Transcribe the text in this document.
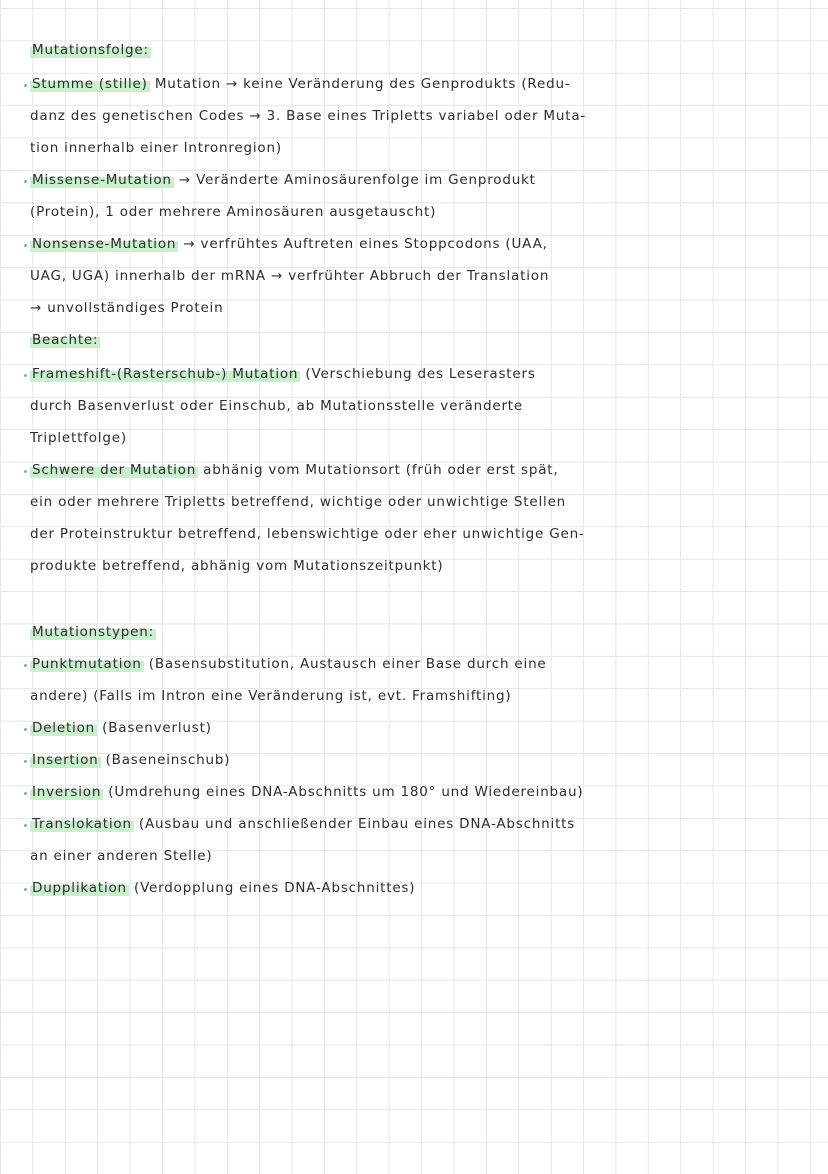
Mutationsfolge:
Stumme (stille) Mutation → keine Veränderung des Genprodukts (Redu-
danz des genetischen Codes → 3. Base eines Tripletts variabel oder Muta-
tion innerhalb einer Intronregion)
Missense-Mutation → Veränderte Aminosäurenfolge im Genprodukt
(Protein), 1 oder mehrere Aminosäuren ausgetauscht)
Nonsense-Mutation → verfrühtes Auftreten eines Stoppcodons (UAA,
UAG, UGA) innerhalb der mRNA → verfrühter Abbruch der Translation
→ unvollständiges Protein
Beachte:
Frameshift-(Rasterschub-) Mutation (Verschiebung des Leserasters
durch Basenverlust oder Einschub, ab Mutationsstelle veränderte
Triplettfolge)
Schwere der Mutation abhänig vom Mutationsort (früh oder erst spät,
ein oder mehrere Tripletts betreffend, wichtige oder unwichtige Stellen
der Proteinstruktur betreffend, lebenswichtige oder eher unwichtige Gen-
produkte betreffend, abhänig vom Mutationszeitpunkt)
Mutationstypen:
Punktmutation (Basensubstitution, Austausch einer Base durch eine
andere) (Falls im Intron eine Veränderung ist, evt. Framshifting)
Deletion (Basenverlust)
Insertion (Baseneinschub)
Inversion (Umdrehung eines DNA-Abschnitts um 180° und Wiedereinbau)
Translokation (Ausbau und anschließender Einbau eines DNA-Abschnitts
an einer anderen Stelle)
Dupplikation (Verdopplung eines DNA-Abschnittes)
